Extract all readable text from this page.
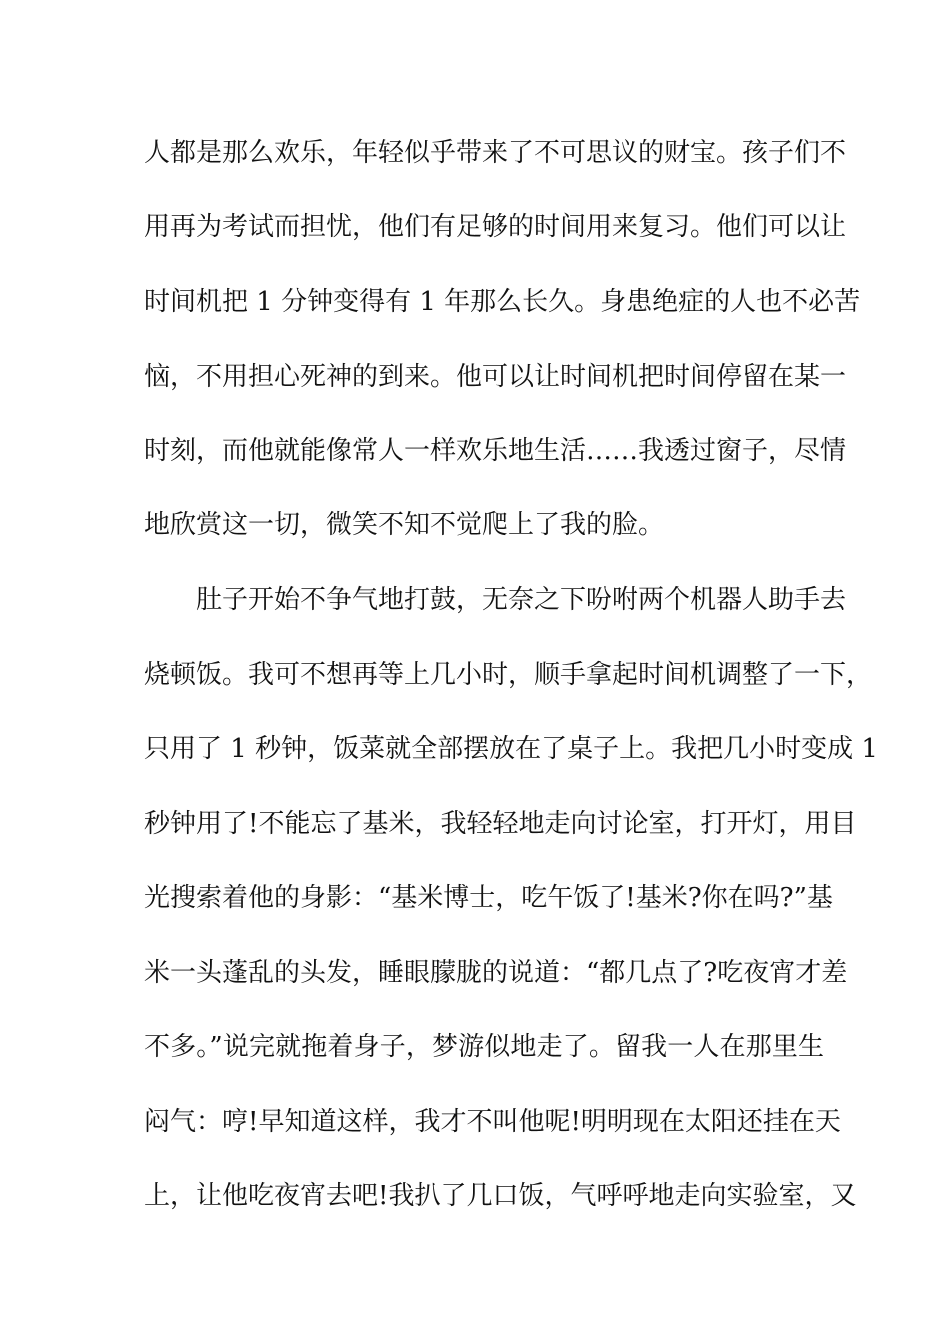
人都是那么欢乐，年轻似乎带来了不可思议的财宝。孩子们不
用再为考试而担忧，他们有足够的时间用来复习。他们可以让
时间机把 1 分钟变得有 1 年那么长久。身患绝症的人也不必苦
恼，不用担心死神的到来。他可以让时间机把时间停留在某一
时刻，而他就能像常人一样欢乐地生活……我透过窗子，尽情
地欣赏这一切，微笑不知不觉爬上了我的脸。
肚子开始不争气地打鼓，无奈之下吩咐两个机器人助手去
烧顿饭。我可不想再等上几小时，顺手拿起时间机调整了一下，
只用了 1 秒钟，饭菜就全部摆放在了桌子上。我把几小时变成 1
秒钟用了!不能忘了基米，我轻轻地走向讨论室，打开灯，用目
光搜索着他的身影：“基米博士，吃午饭了!基米?你在吗?”基
米一头蓬乱的头发，睡眼朦胧的说道：“都几点了?吃夜宵才差
不多。”说完就拖着身子，梦游似地走了。留我一人在那里生
闷气：哼!早知道这样，我才不叫他呢!明明现在太阳还挂在天
上，让他吃夜宵去吧!我扒了几口饭，气呼呼地走向实验室，又
